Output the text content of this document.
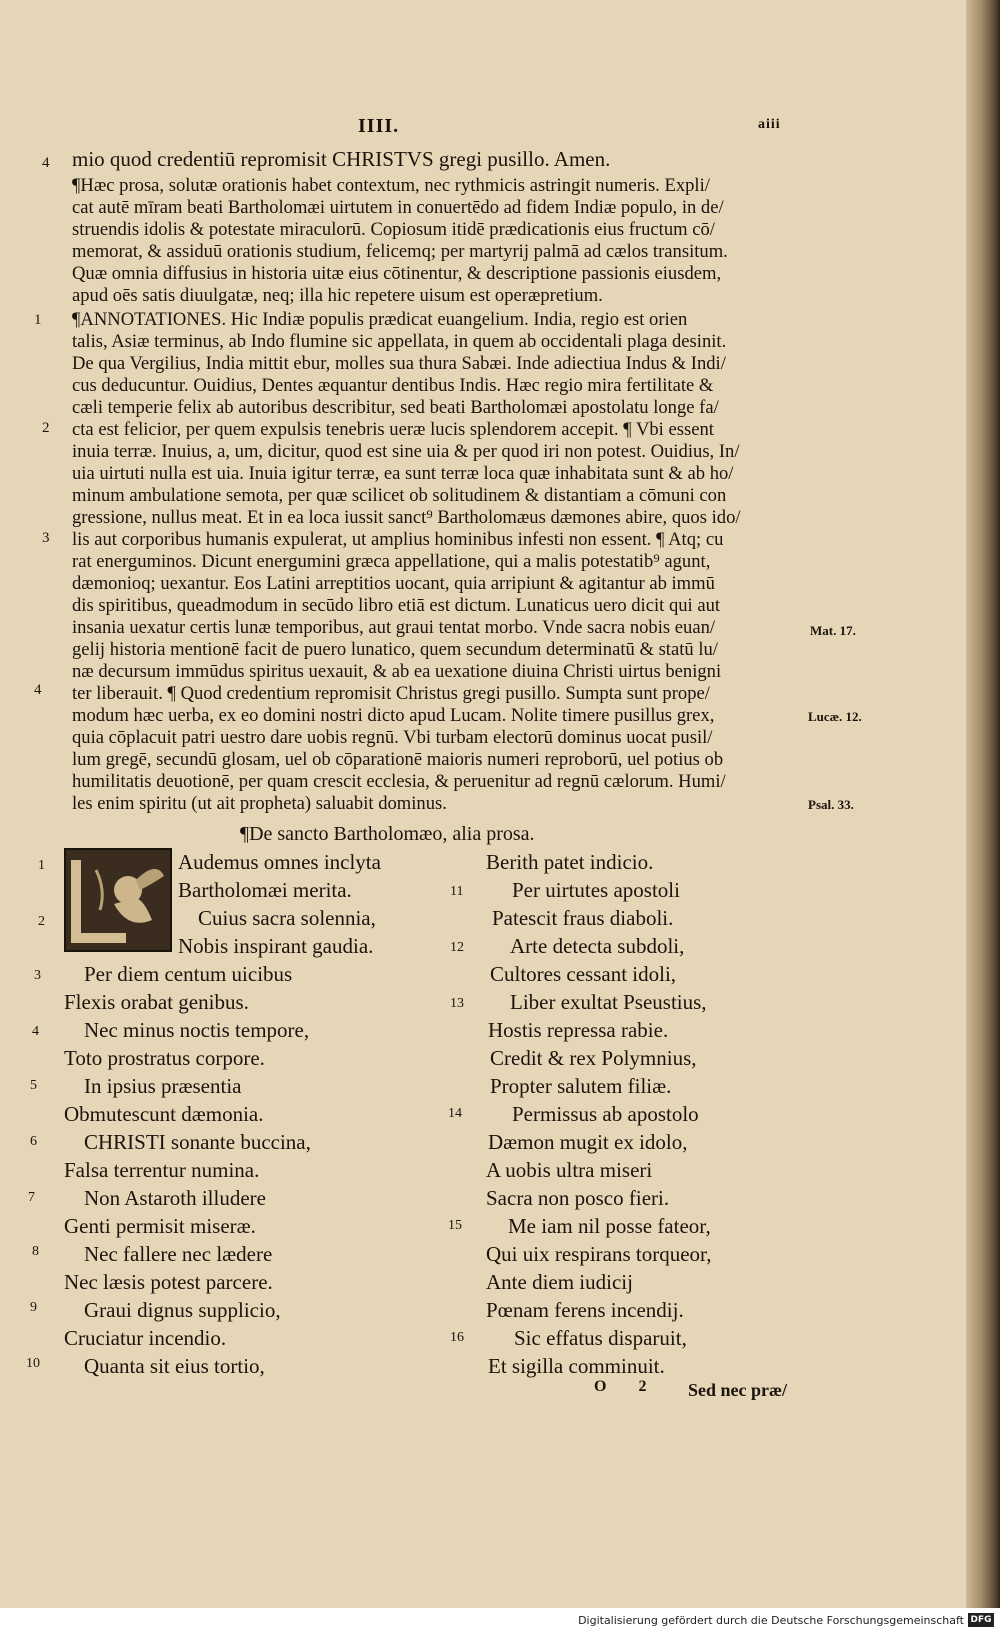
IIII.	aiii
mio quod credentiū repromisit CHRISTVS gregi pusillo. Amen.
¶Hæc prosa, solutæ orationis habet contextum, nec rythmicis astringit numeris. Expli/
cat autē mīram beati Bartholomæi uirtutem in conuertēdo ad fidem Indiæ populo, in de/
struendis idolis & potestate miraculorū. Copiosum itidē prædicationis eius fructum cō/
memorat, & assiduū orationis studium, felicemq; per martyrij palmā ad cælos transitum.
Quæ omnia diffusius in historia uitæ eius cōtinentur, & descriptione passionis eiusdem,
apud oēs satis diuulgatæ, neq; illa hic repetere uisum est operæpretium.
¶ANNOTATIONES. Hic Indiæ populis prædicat euangelium. India, regio est orien
talis, Asiæ terminus, ab Indo flumine sic appellata, in quem ab occidentali plaga desinit.
De qua Vergilius, India mittit ebur, molles sua thura Sabæi. Inde adiectiua Indus & Indi/
cus deducuntur. Ouidius, Dentes æquantur dentibus Indis. Hæc regio mira fertilitate &
cæli temperie felix ab autoribus describitur, sed beati Bartholomæi apostolatu longe fa/
cta est felicior, per quem expulsis tenebris ueræ lucis splendorem accepit. ¶ Vbi essent
inuia terræ. Inuius, a, um, dicitur, quod est sine uia & per quod iri non potest. Ouidius, In/
uia uirtuti nulla est uia. Inuia igitur terræ, ea sunt terræ loca quæ inhabitata sunt & ab ho/
minum ambulatione semota, per quæ scilicet ob solitudinem & distantiam a cōmuni con
gressione, nullus meat. Et in ea loca iussit sanct⁹ Bartholomæus dæmones abire, quos ido/
lis aut corporibus humanis expulerat, ut amplius hominibus infesti non essent. ¶ Atq; cu
rat energuminos. Dicunt energumini græca appellatione, qui a malis potestatib⁹ agunt,
dæmonioq; uexantur. Eos Latini arreptitios uocant, quia arripiunt & agitantur ab immū
dis spiritibus, queadmodum in secūdo libro etiā est dictum. Lunaticus uero dicit qui aut
insania uexatur certis lunæ temporibus, aut graui tentat morbo. Vnde sacra nobis euan/
gelij historia mentionē facit de puero lunatico, quem secundum determinatū & statū lu/
næ decursum immūdus spiritus uexauit, & ab ea uexatione diuina Christi uirtus benigni
ter liberauit. ¶ Quod credentium repromisit Christus gregi pusillo. Sumpta sunt prope/
modum hæc uerba, ex eo domini nostri dicto apud Lucam. Nolite timere pusillus grex,
quia cōplacuit patri uestro dare uobis regnū. Vbi turbam electorū dominus uocat pusil/
lum gregē, secundū glosam, uel ob cōparationē maioris numeri reproborū, uel potius ob
humilitatis deuotionē, per quam crescit ecclesia, & peruenitur ad regnū cælorum. Humi/
les enim spiritu (ut ait propheta) saluabit dominus.
4
1
2
3
4
Mat. 17.
Lucæ. 12.
Psal. 33.
¶De sancto Bartholomæo, alia prosa.
Audemus omnes inclyta
Bartholomæi merita.
Cuius sacra solennia,
Nobis inspirant gaudia.
Per diem centum uicibus
Flexis orabat genibus.
Nec minus noctis tempore,
Toto prostratus corpore.
In ipsius præsentia
Obmutescunt dæmonia.
CHRISTI sonante buccina,
Falsa terrentur numina.
Non Astaroth illudere
Genti permisit miseræ.
Nec fallere nec lædere
Nec læsis potest parcere.
Graui dignus supplicio,
Cruciatur incendio.
Quanta sit eius tortio,
1
2
3
4
5
6
7
8
9
10
Berith patet indicio.
Per uirtutes apostoli
Patescit fraus diaboli.
Arte detecta subdoli,
Cultores cessant idoli,
Liber exultat Pseustius,
Hostis repressa rabie.
Credit & rex Polymnius,
Propter salutem filiæ.
Permissus ab apostolo
Dæmon mugit ex idolo,
A uobis ultra miseri
Sacra non posco fieri.
Me iam nil posse fateor,
Qui uix respirans torqueor,
Ante diem iudicij
Pœnam ferens incendij.
Sic effatus disparuit,
Et sigilla comminuit.
11
12
13
14
15
16
O 2 Sed nec præ/
Digitalisierung gefördert durch die Deutsche Forschungsgemeinschaft DFG
